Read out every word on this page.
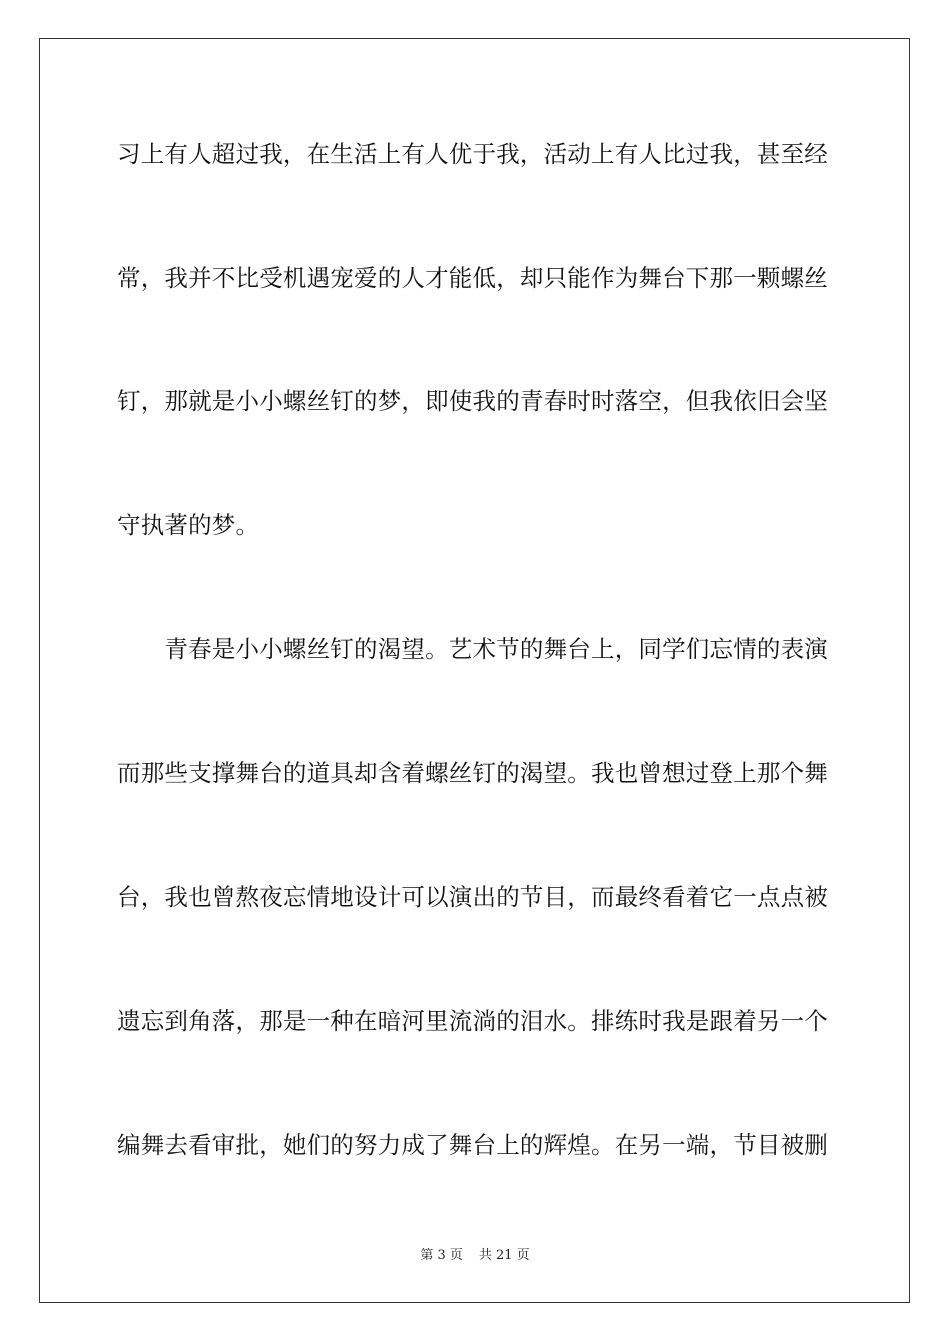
习上有人超过我，在生活上有人优于我，活动上有人比过我，甚至经
常，我并不比受机遇宠爱的人才能低，却只能作为舞台下那一颗螺丝
钉，那就是小小螺丝钉的梦，即使我的青春时时落空，但我依旧会坚
守执著的梦。
　　青春是小小螺丝钉的渴望。艺术节的舞台上，同学们忘情的表演
而那些支撑舞台的道具却含着螺丝钉的渴望。我也曾想过登上那个舞
台，我也曾熬夜忘情地设计可以演出的节目，而最终看着它一点点被
遗忘到角落，那是一种在暗河里流淌的泪水。排练时我是跟着另一个
编舞去看审批，她们的努力成了舞台上的辉煌。在另一端，节目被删
第 3 页 共 21 页
